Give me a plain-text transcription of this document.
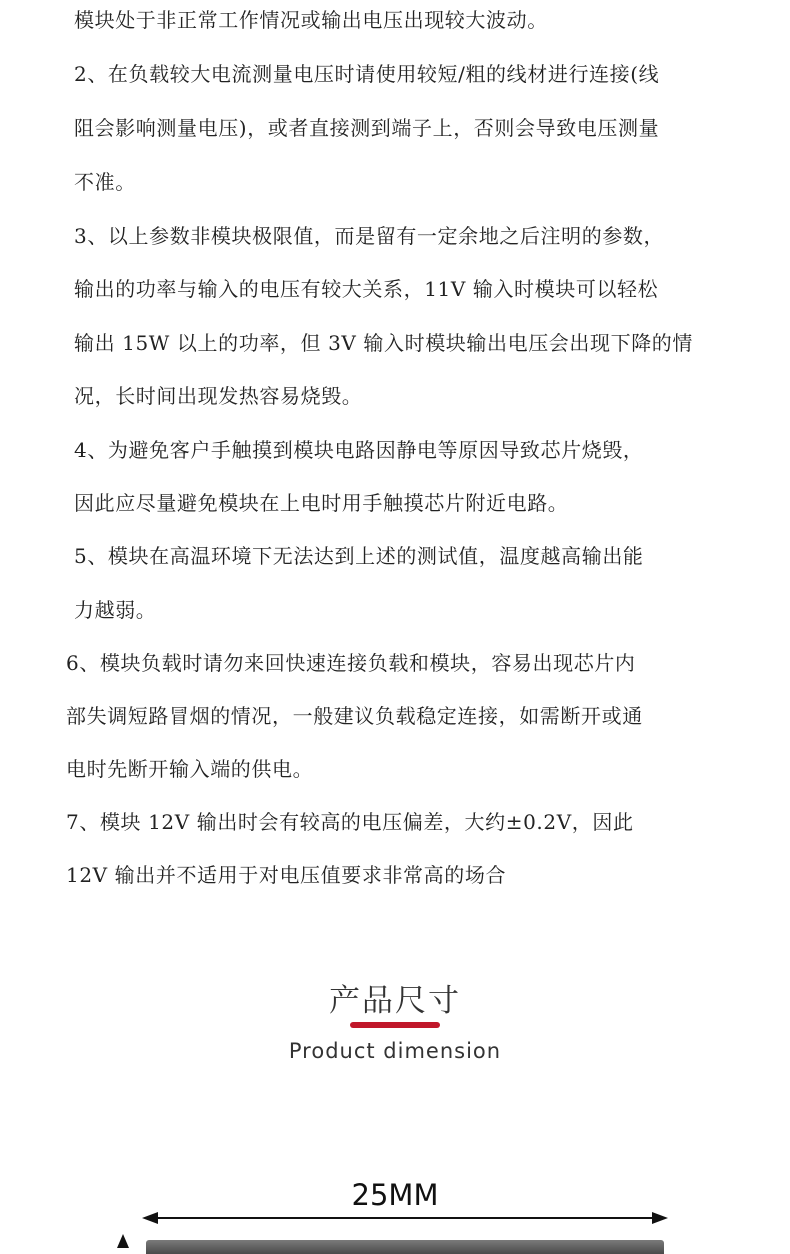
模块处于非正常工作情况或输出电压出现较大波动。
2、在负载较大电流测量电压时请使用较短/粗的线材进行连接(线
阻会影响测量电压)，或者直接测到端子上，否则会导致电压测量
不准。
3、以上参数非模块极限值，而是留有一定余地之后注明的参数，
输出的功率与输入的电压有较大关系，11V 输入时模块可以轻松
输出 15W 以上的功率，但 3V 输入时模块输出电压会出现下降的情
况，长时间出现发热容易烧毁。
4、为避免客户手触摸到模块电路因静电等原因导致芯片烧毁，
因此应尽量避免模块在上电时用手触摸芯片附近电路。
5、模块在高温环境下无法达到上述的测试值，温度越高输出能
力越弱。
6、模块负载时请勿来回快速连接负载和模块，容易出现芯片内
部失调短路冒烟的情况，一般建议负载稳定连接，如需断开或通
电时先断开输入端的供电。
7、模块 12V 输出时会有较高的电压偏差，大约±0.2V，因此
12V 输出并不适用于对电压值要求非常高的场合
产品尺寸
Product dimension
25MM
